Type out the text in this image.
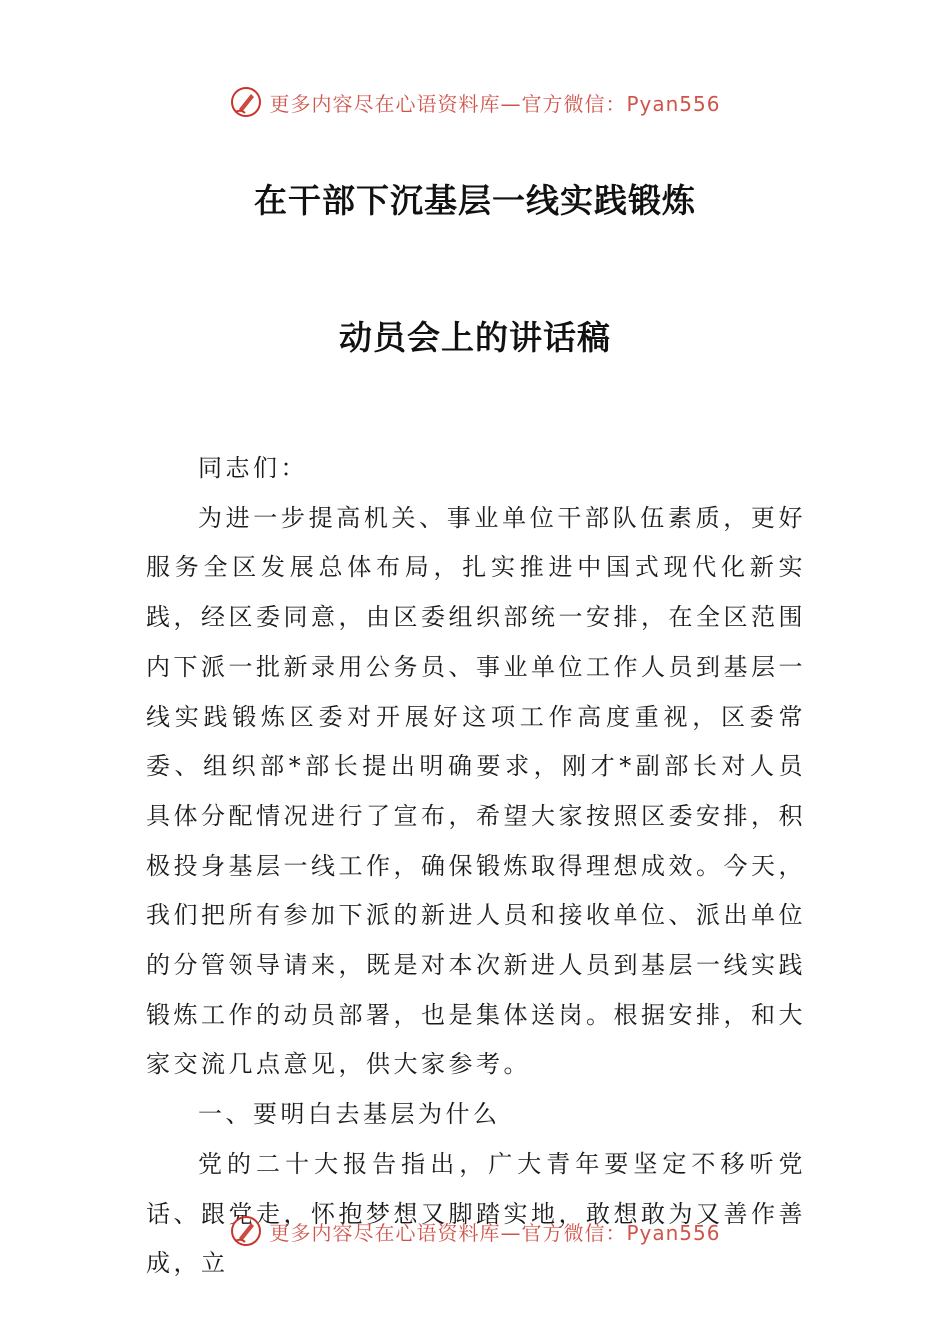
更多内容尽在心语资料库—官方微信：Pyan556
在干部下沉基层一线实践锻炼
动员会上的讲话稿

同志们：

为进一步提高机关、事业单位干部队伍素质，更好服务全区发展总体布局，扎实推进中国式现代化新实践，经区委同意，由区委组织部统一安排，在全区范围内下派一批新录用公务员、事业单位工作人员到基层一线实践锻炼区委对开展好这项工作高度重视，区委常委、组织部*部长提出明确要求，刚才*副部长对人员具体分配情况进行了宣布，希望大家按照区委安排，积极投身基层一线工作，确保锻炼取得理想成效。今天，我们把所有参加下派的新进人员和接收单位、派出单位的分管领导请来，既是对本次新进人员到基层一线实践锻炼工作的动员部署，也是集体送岗。根据安排，和大家交流几点意见，供大家参考。

一、要明白去基层为什么

党的二十大报告指出，广大青年要坚定不移听党话、跟党走，怀抱梦想又脚踏实地，敢想敢为又善作善成，立

更多内容尽在心语资料库—官方微信：Pyan556
